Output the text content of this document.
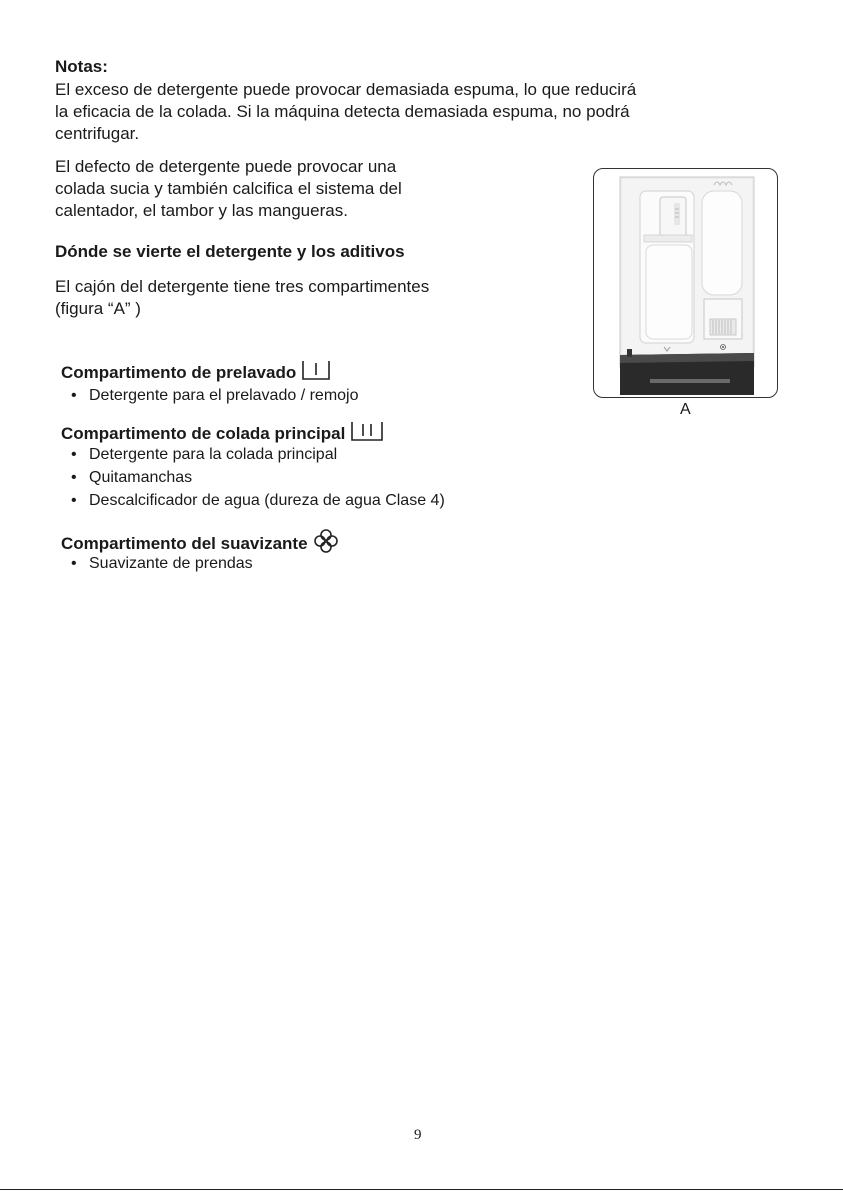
Notas:
El exceso de detergente puede provocar demasiada espuma, lo que reducirá
la eficacia de la colada. Si la máquina detecta demasiada espuma, no podrá
centrifugar.
El defecto de detergente puede provocar una
colada sucia y también calcifica el sistema del
calentador, el tambor y las mangueras.
Dónde se vierte el detergente y los aditivos
El cajón del detergente tiene tres compartimentes
(figura “A” )
Compartimento de prelavado
• Detergente para el prelavado / remojo
Compartimento de colada principal
• Detergente para la colada principal
• Quitamanchas
• Descalcificador de agua (dureza de agua Clase 4)
Compartimento del suavizante
• Suavizante de prendas
A
9
